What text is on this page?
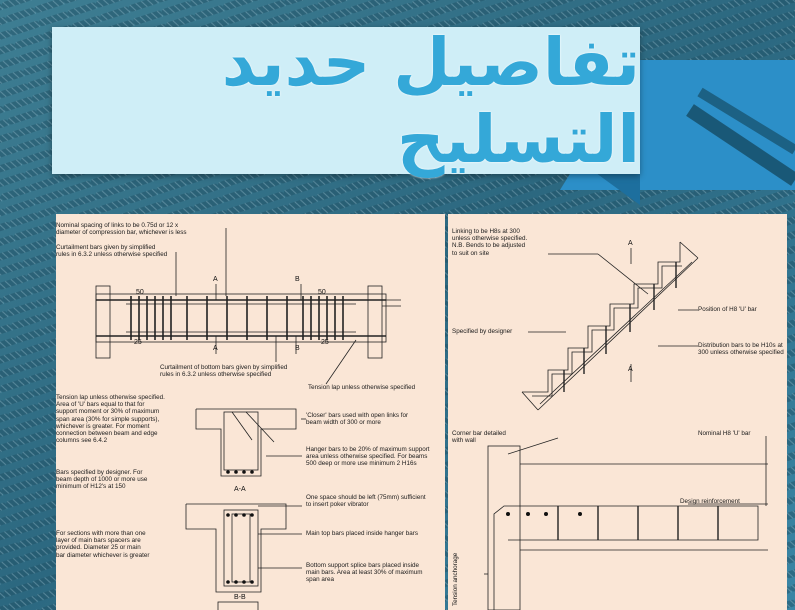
تفاصيل حديد التسليح
Nominal spacing of links to be 0.75d or 12 x
diameter of compression bar, whichever is less
Curtailment bars given by simplified
rules in 6.3.2 unless otherwise specified
Curtailment of bottom bars given by simplified
rules in 6.3.2 unless otherwise specified
Tension lap unless otherwise specified
Tension lap unless otherwise specified.
Area of 'U' bars equal to that for
support moment or 30% of maximum
span area (30% for simple supports),
whichever is greater. For moment
connection between beam and edge
columns see 6.4.2
'Closer' bars used with open links for
beam width of 300 or more
Hanger bars to be 20% of maximum support
area unless otherwise specified. For beams
500 deep or more use minimum 2 H16s
Bars specified by designer. For
beam depth of 1000 or more use
minimum of H12's at 150
One space should be left (75mm) sufficient
to insert poker vibrator
Main top bars placed inside hanger bars
For sections with more than one
layer of main bars spacers are
provided. Diameter 25 or main
bar diameter whichever is greater
Bottom support splice bars placed inside
main bars. Area at least 30% of maximum
span area
50	50
25	25
A
A
B
B
A-A
B-B
Linking to be H8s at 300
unless otherwise specified.
N.B. Bends to be adjusted
to suit on site
Specified by designer
Position of H8 'U' bar
Distribution bars to be H10s at
300 unless otherwise specified
Corner bar detailed
with wall
Nominal H8 'U' bar
Design reinforcement
Tension anchorage
A
A
